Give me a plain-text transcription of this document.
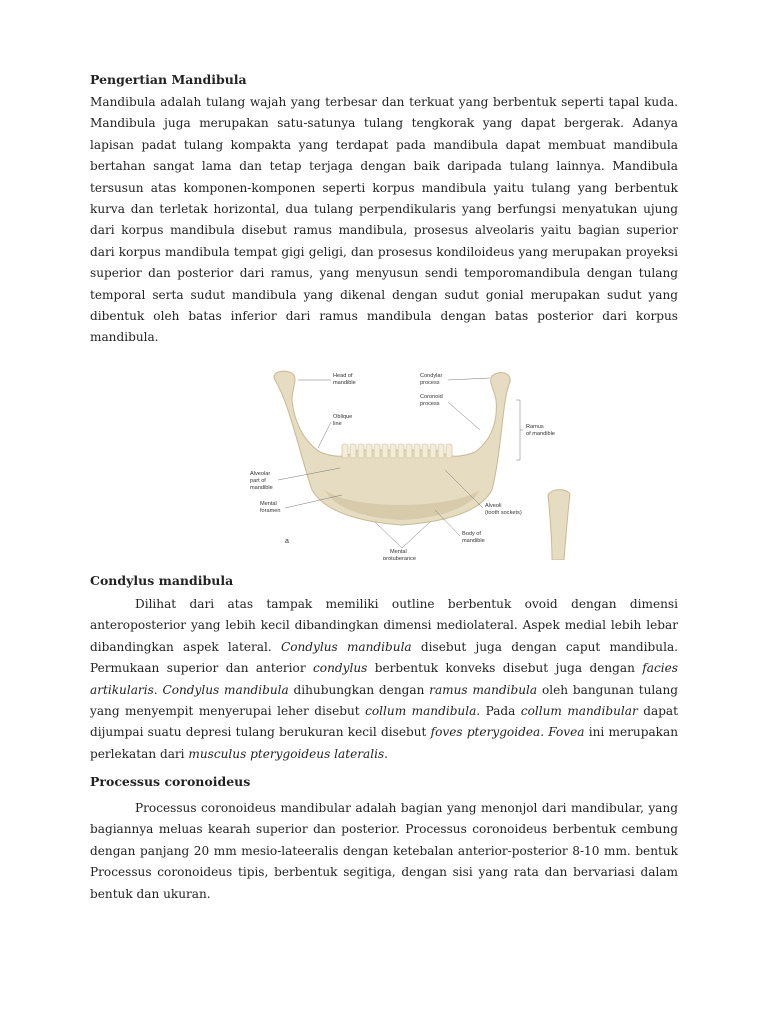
Pengertian Mandibula

Mandibula adalah tulang wajah yang terbesar dan terkuat yang berbentuk seperti tapal kuda. Mandibula juga merupakan satu-satunya tulang tengkorak yang dapat bergerak. Adanya lapisan padat tulang kompakta yang terdapat pada mandibula dapat membuat mandibula bertahan sangat lama dan tetap terjaga dengan baik daripada tulang lainnya. Mandibula tersusun atas komponen-komponen seperti korpus mandibula yaitu tulang yang berbentuk kurva dan terletak horizontal, dua tulang perpendikularis yang berfungsi menyatukan ujung dari korpus mandibula disebut ramus mandibula, prosesus alveolaris yaitu bagian superior dari korpus mandibula tempat gigi geligi, dan prosesus kondiloideus yang merupakan proyeksi superior dan posterior dari ramus, yang menyusun sendi temporomandibula dengan tulang temporal serta sudut mandibula yang dikenal dengan sudut gonial merupakan sudut yang dibentuk oleh batas inferior dari ramus mandibula dengan batas posterior dari korpus mandibula.

Head of
mandible
Oblique
line
Alveolar
part of
mandible
Mental
foramen
a
Condylar
process
Coronoid
process
Ramus
of mandible
Alveoli
(tooth sockets)
Body of
mandible
Mental
protuberance
Condylus mandibula

Dilihat dari atas tampak memiliki outline berbentuk ovoid dengan dimensi anteroposterior yang lebih kecil dibandingkan dimensi mediolateral. Aspek medial lebih lebar dibandingkan aspek lateral. Condylus mandibula disebut juga dengan caput mandibula. Permukaan superior dan anterior condylus berbentuk konveks disebut juga dengan facies artikularis. Condylus mandibula dihubungkan dengan ramus mandibula oleh bangunan tulang yang menyempit menyerupai leher disebut collum mandibula. Pada collum mandibular dapat dijumpai suatu depresi tulang berukuran kecil disebut foves pterygoidea. Fovea ini merupakan perlekatan dari musculus pterygoideus lateralis.

Processus coronoideus

Processus coronoideus mandibular adalah bagian yang menonjol dari mandibular, yang bagiannya meluas kearah superior dan posterior. Processus coronoideus berbentuk cembung dengan panjang 20 mm mesio-lateeralis dengan ketebalan anterior-posterior 8-10 mm. bentuk Processus coronoideus tipis, berbentuk segitiga, dengan sisi yang rata dan bervariasi dalam bentuk dan ukuran.
